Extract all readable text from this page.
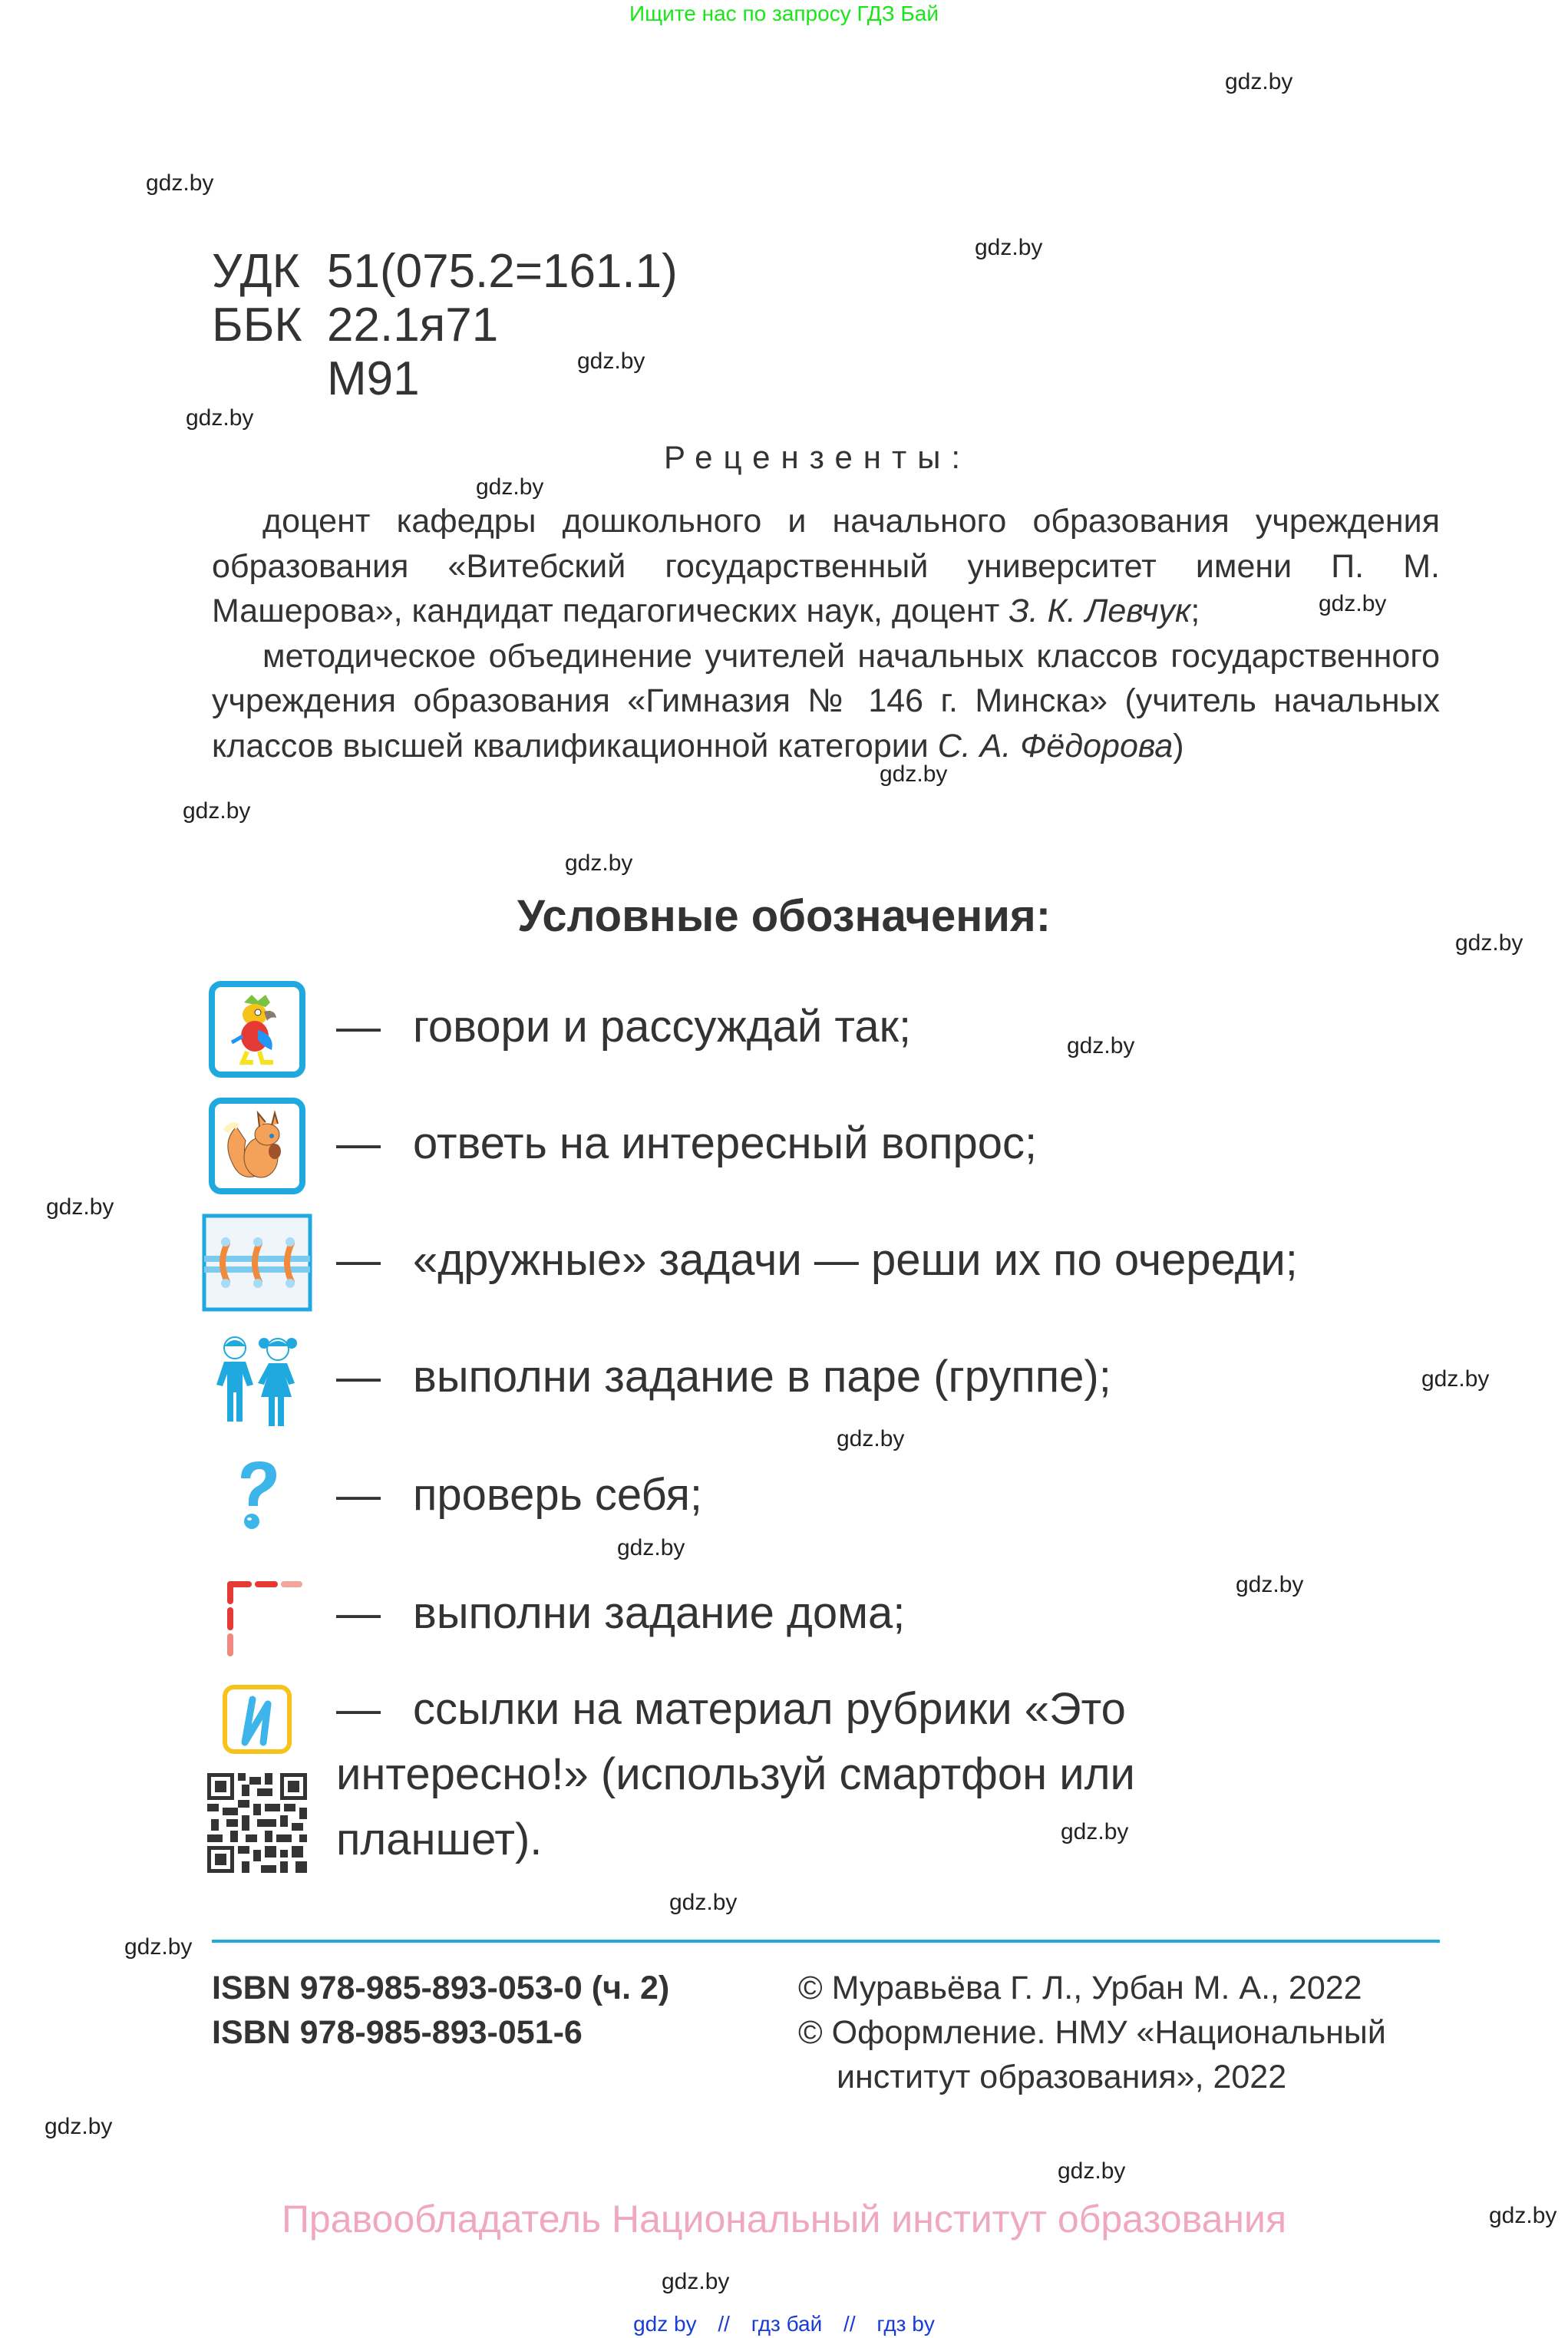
Ищите нас по запросу ГДЗ Бай
gdz.by
gdz.by
gdz.by
gdz.by
gdz.by
gdz.by
gdz.by
gdz.by
gdz.by
gdz.by
gdz.by
gdz.by
gdz.by
gdz.by
gdz.by
gdz.by
gdz.by
gdz.by
gdz.by
gdz.by
gdz.by
gdz.by
gdz.by
gdz.by
УДК 51(075.2=161.1)
ББК 22.1я71
М91
Рецензенты:

доцент кафедры дошкольного и начального образования учреждения образования «Витебский государственный университет имени П. М. Машерова», кандидат педагогических наук, доцент З. К. Левчук;

методическое объединение учителей начальных классов государственного учреждения образования «Гимназия № 146 г. Минска» (учитель начальных классов высшей квалификационной категории С. А. Фёдорова)

Условные обозначения:
— говори и рассуждай так;
— ответь на интересный вопрос;
— «дружные» задачи — реши их по очереди;
— выполни задание в паре (группе);
— проверь себя;
— выполни задание дома;
— ссылки на материал рубрики «Это интересно!» (используй смартфон или планшет).
ISBN 978-985-893-053-0 (ч. 2)
ISBN 978-985-893-051-6
© Муравьёва Г. Л., Урбан М. А., 2022
© Оформление. НМУ «Национальный
институт образования», 2022
Правообладатель Национальный институт образования
gdz by // гдз бай // гдз by
